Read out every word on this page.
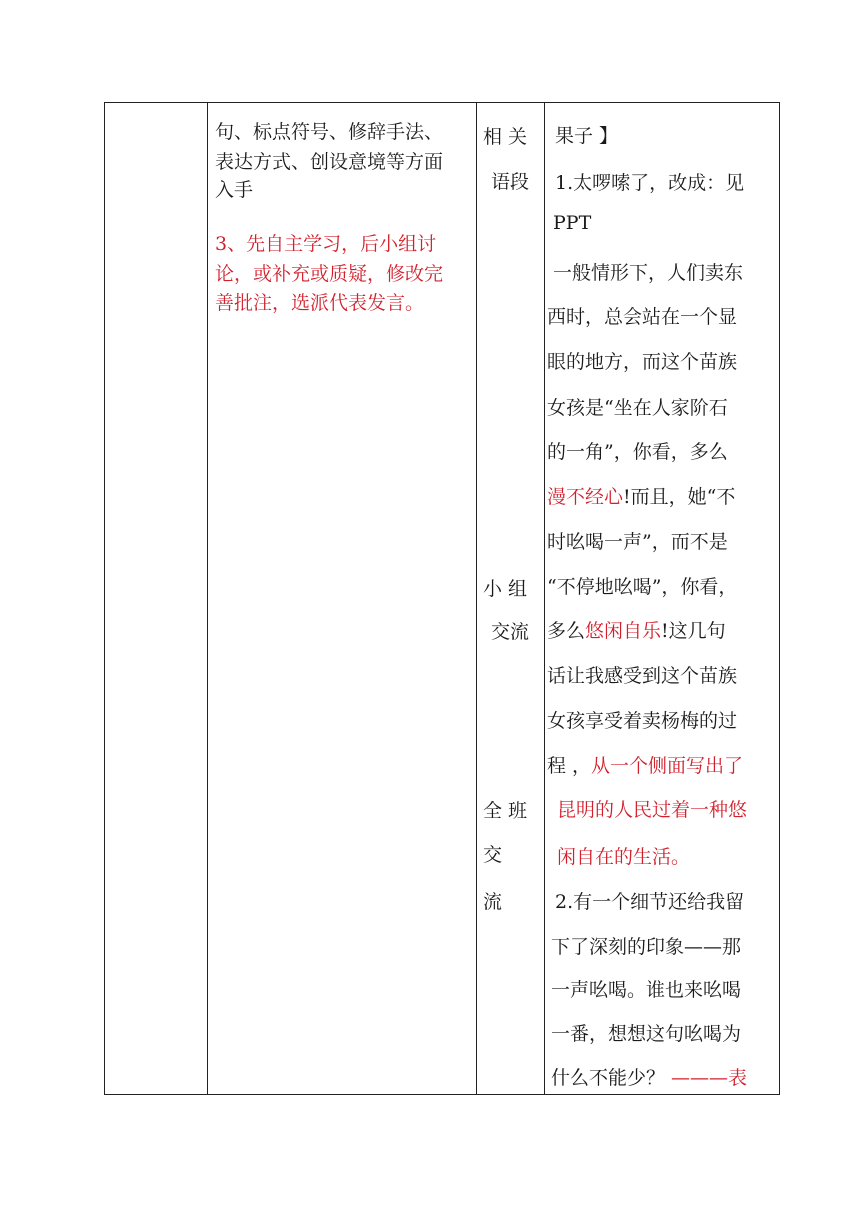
句、标点符号、修辞手法、
表达方式、创设意境等方面
入手
3、先自主学习，后小组讨
论，或补充或质疑，修改完
善批注，选派代表发言。
相 关
语段
小 组
交流
全 班
交
流
果子 】
1.太啰嗦了，改成：见
PPT
一般情形下，人们卖东
西时，总会站在一个显
眼的地方，而这个苗族
女孩是“坐在人家阶石
的一角”，你看，多么
漫不经心!而且，她“不
时吆喝一声”，而不是
“不停地吆喝”，你看，
多么悠闲自乐!这几句
话让我感受到这个苗族
女孩享受着卖杨梅的过
程 ，从一个侧面写出了
昆明的人民过着一种悠
闲自在的生活。
2.有一个细节还给我留
下了深刻的印象——那
一声吆喝。谁也来吆喝
一番，想想这句吆喝为
什么不能少？ ———表
